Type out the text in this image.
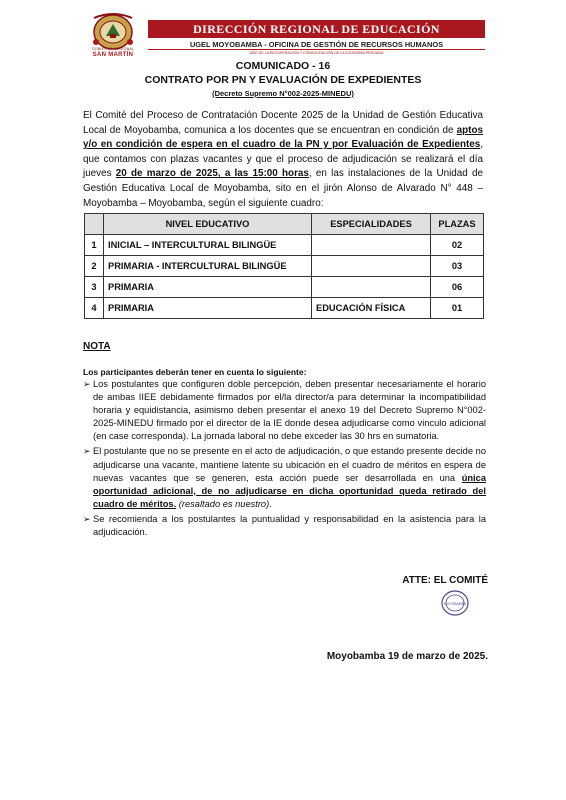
GOBIERNO REGIONAL
SAN MARTÍN
DIRECCIÓN REGIONAL DE EDUCACIÓN
UGEL MOYOBAMBA - OFICINA DE GESTIÓN DE RECURSOS HUMANOS
"AÑO DE LA RECUPERACIÓN Y CONSOLIDACIÓN DE LA ECONOMÍA PERUANA"
COMUNICADO - 16
CONTRATO POR PN Y EVALUACIÓN DE EXPEDIENTES
(Decreto Supremo N°002-2025-MINEDU)
El Comité del Proceso de Contratación Docente 2025 de la Unidad de Gestión Educativa Local de Moyobamba, comunica a los docentes que se encuentran en condición de aptos y/o en condición de espera en el cuadro de la PN y por Evaluación de Expedientes, que contamos con plazas vacantes y que el proceso de adjudicación se realizará el día jueves 20 de marzo de 2025, a las 15:00 horas, en las instalaciones de la Unidad de Gestión Educativa Local de Moyobamba, sito en el jirón Alonso de Alvarado N° 448 – Moyobamba – Moyobamba, según el siguiente cuadro:
	NIVEL EDUCATIVO	ESPECIALIDADES	PLAZAS
1	INICIAL – INTERCULTURAL BILINGÜE		02
2	PRIMARIA - INTERCULTURAL BILINGÜE		03
3	PRIMARIA		06
4	PRIMARIA	EDUCACIÓN FÍSICA	01
NOTA
Los participantes deberán tener en cuenta lo siguiente:
➢ Los postulantes que configuren doble percepción, deben presentar necesariamente el horario de ambas IIEE debidamente firmados por el/la director/a para determinar la incompatibilidad horaria y equidistancia, asimismo deben presentar el anexo 19 del Decreto Supremo N°002-2025-MINEDU firmado por el director de la IE donde desea adjudicarse como vinculo adicional (en case corresponda). La jornada laboral no debe exceder las 30 hrs en sumatoria.
➢ El postulante que no se presente en el acto de adjudicación, o que estando presente decide no adjudicarse una vacante, mantiene latente su ubicación en el cuadro de méritos en espera de nuevas vacantes que se generen, esta acción puede ser desarrollada en una única oportunidad adicional, de no adjudicarse en dicha oportunidad queda retirado del cuadro de méritos. (resaltado es nuestro).
➢ Se recomienda a los postulantes la puntualidad y responsabilidad en la asistencia para la adjudicación.
ATTE: EL COMITÉ
MOYOBAMBA
Moyobamba 19 de marzo de 2025.
